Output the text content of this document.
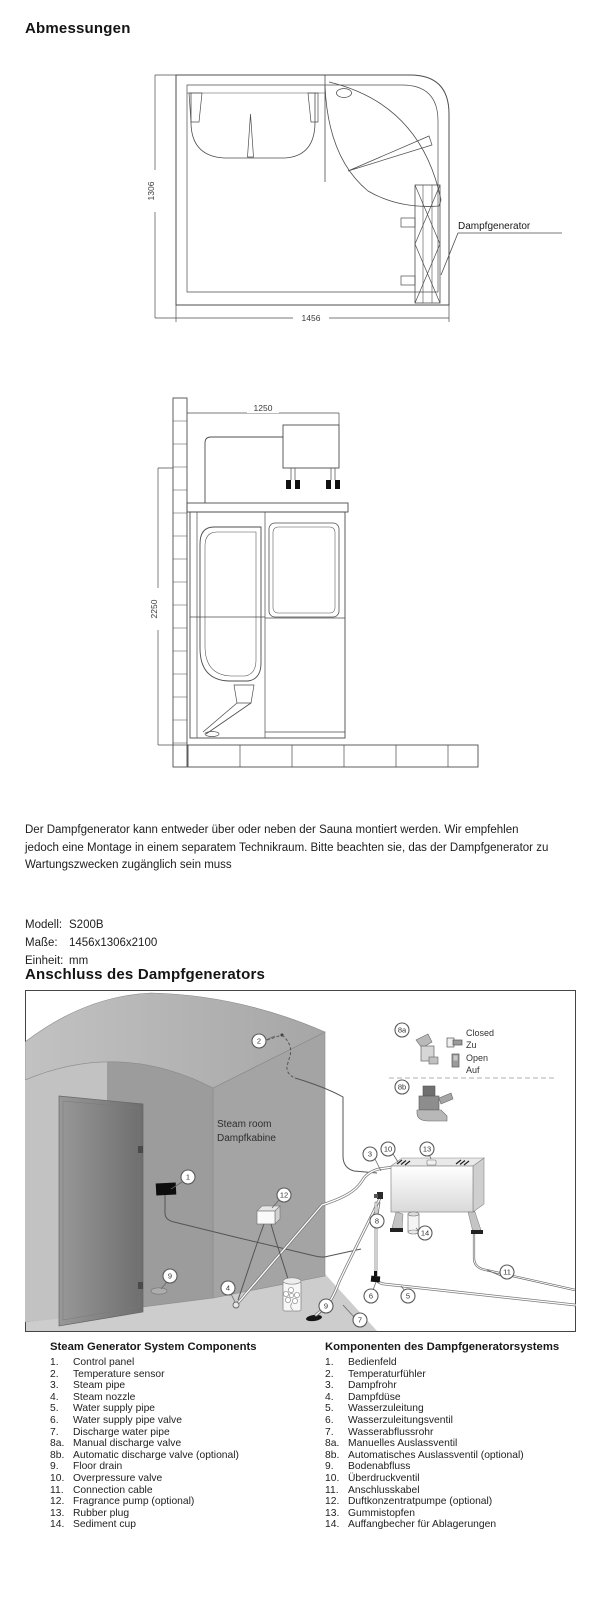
Abmessungen
1306
1456
Dampfgenerator
2250
1250
Der Dampfgenerator kann entweder über oder neben der Sauna montiert werden. Wir empfehlen
jedoch eine Montage in einem separatem Technikraum. Bitte beachten sie, das der Dampfgenerator zu
Wartungszwecken zugänglich sein muss
Modell: S200B
Maße: 1456x1306x2100
Einheit: mm
Anschluss des Dampfgenerators
Steam room
Dampfkabine
Closed
Zu
Open
Auf
1
2
3
4
5
6
7
8
9
9
10
11
12
13
14
8a
8b
Steam Generator System Components
1.	Control panel
2.	Temperature sensor
3.	Steam pipe
4.	Steam nozzle
5.	Water supply pipe
6.	Water supply pipe valve
7.	Discharge water pipe
8a. Manual discharge valve
8b. Automatic discharge valve (optional)
9.	Floor drain
10. Overpressure valve
11. Connection cable
12. Fragrance pump (optional)
13. Rubber plug
14. Sediment cup
Komponenten des Dampfgeneratorsystems
1.	Bedienfeld
2.	Temperaturfühler
3.	Dampfrohr
4.	Dampfdüse
5.	Wasserzuleitung
6.	Wasserzuleitungsventil
7.	Wasserabflussrohr
8a. Manuelles Auslassventil
8b. Automatisches Auslassventil (optional)
9.	Bodenabfluss
10. Überdruckventil
11. Anschlusskabel
12. Duftkonzentratpumpe (optional)
13. Gummistopfen
14. Auffangbecher für Ablagerungen
